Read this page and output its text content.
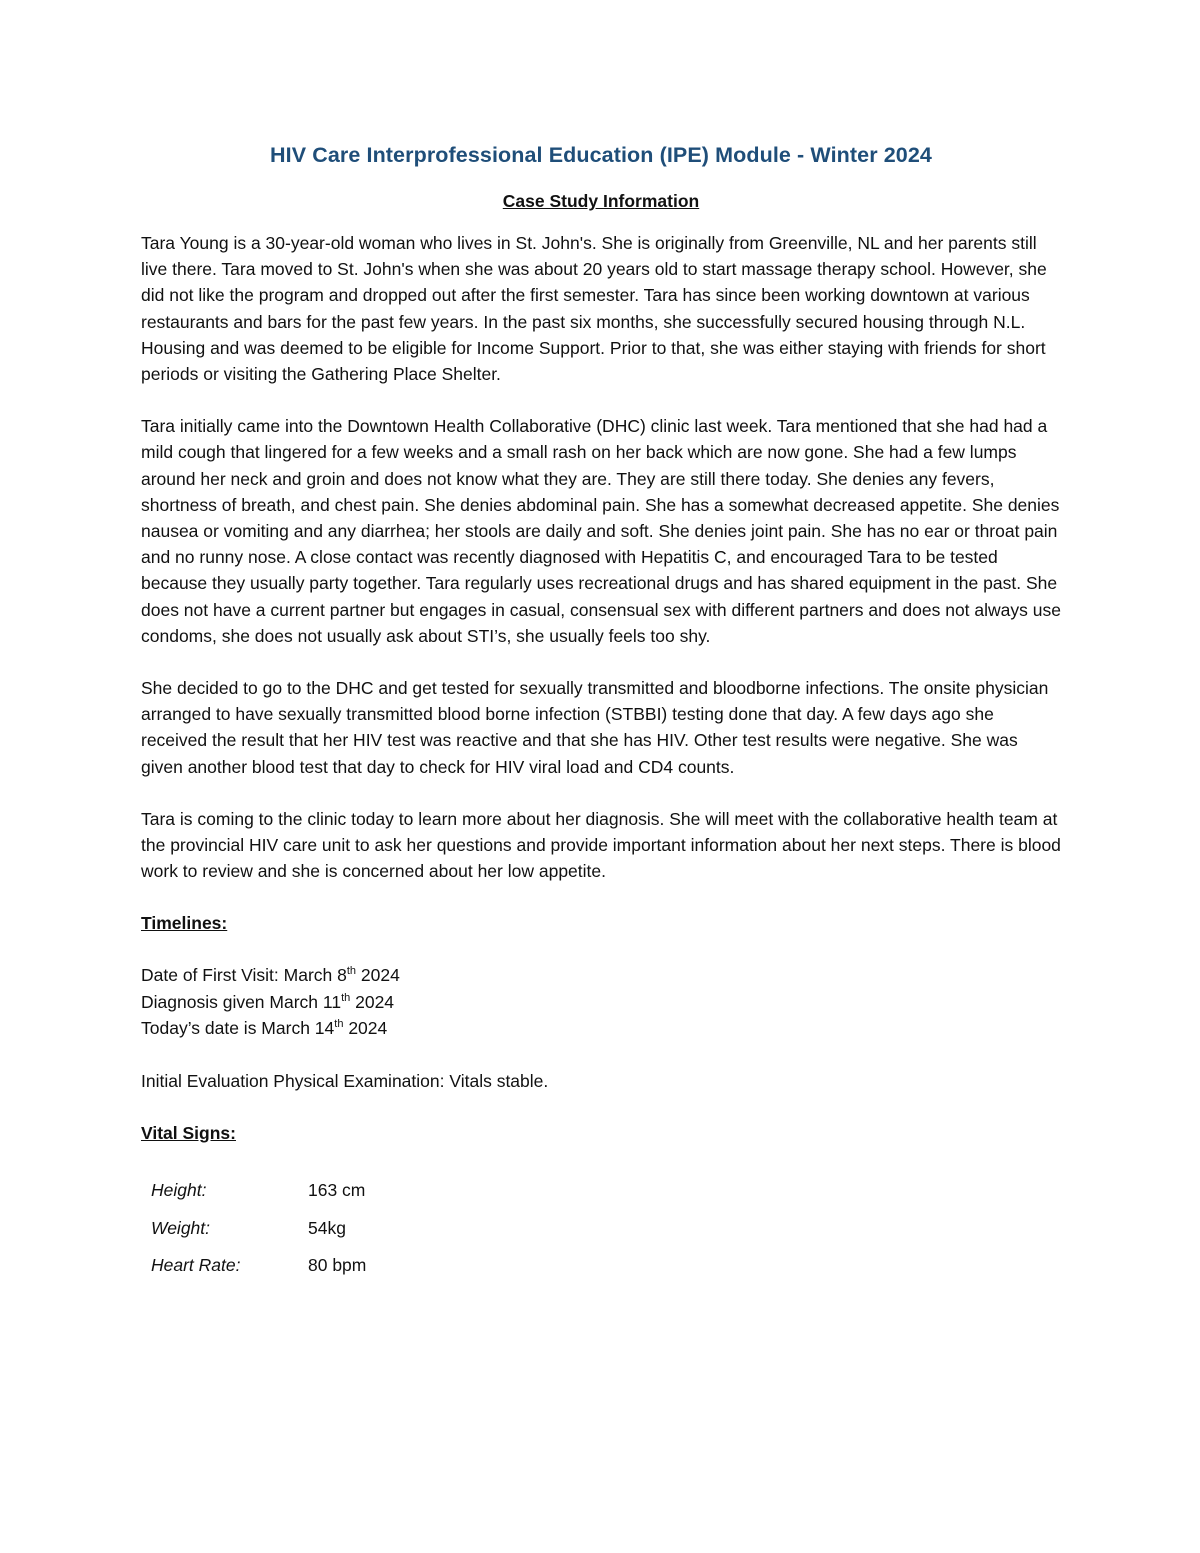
HIV Care Interprofessional Education (IPE) Module - Winter 2024
Case Study Information

Tara Young is a 30-year-old woman who lives in St. John's. She is originally from Greenville, NL and her parents still live there. Tara moved to St. John's when she was about 20 years old to start massage therapy school. However, she did not like the program and dropped out after the first semester. Tara has since been working downtown at various restaurants and bars for the past few years. In the past six months, she successfully secured housing through N.L. Housing and was deemed to be eligible for Income Support. Prior to that, she was either staying with friends for short periods or visiting the Gathering Place Shelter.

Tara initially came into the Downtown Health Collaborative (DHC) clinic last week. Tara mentioned that she had had a mild cough that lingered for a few weeks and a small rash on her back which are now gone. She had a few lumps around her neck and groin and does not know what they are. They are still there today. She denies any fevers, shortness of breath, and chest pain. She denies abdominal pain. She has a somewhat decreased appetite. She denies nausea or vomiting and any diarrhea; her stools are daily and soft. She denies joint pain. She has no ear or throat pain and no runny nose. A close contact was recently diagnosed with Hepatitis C, and encouraged Tara to be tested because they usually party together. Tara regularly uses recreational drugs and has shared equipment in the past. She does not have a current partner but engages in casual, consensual sex with different partners and does not always use condoms, she does not usually ask about STI’s, she usually feels too shy.

She decided to go to the DHC and get tested for sexually transmitted and bloodborne infections. The onsite physician arranged to have sexually transmitted blood borne infection (STBBI) testing done that day. A few days ago she received the result that her HIV test was reactive and that she has HIV. Other test results were negative. She was given another blood test that day to check for HIV viral load and CD4 counts.

Tara is coming to the clinic today to learn more about her diagnosis. She will meet with the collaborative health team at the provincial HIV care unit to ask her questions and provide important information about her next steps. There is blood work to review and she is concerned about her low appetite.

Timelines:
Date of First Visit: March 8th 2024
Diagnosis given March 11th 2024
Today’s date is March 14th 2024
Initial Evaluation Physical Examination: Vitals stable.
Vital Signs:
Height:	163 cm
Weight:	54kg
Heart Rate:	80 bpm
